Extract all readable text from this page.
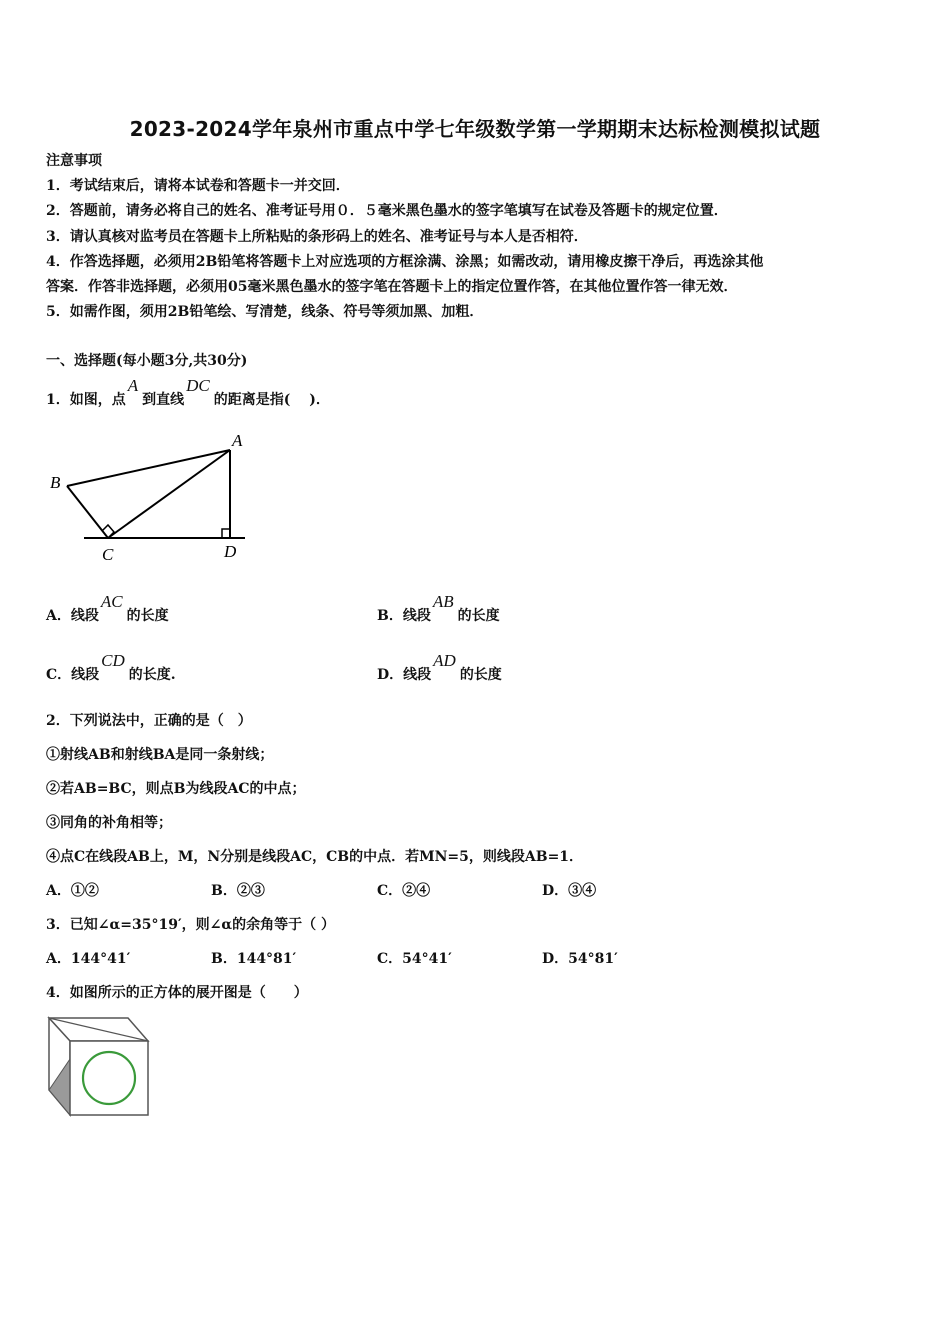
2023-2024学年泉州市重点中学七年级数学第一学期期末达标检测模拟试题
注意事项
1．考试结束后，请将本试卷和答题卡一并交回．
2．答题前，请务必将自己的姓名、准考证号用０．５毫米黑色墨水的签字笔填写在试卷及答题卡的规定位置．
3．请认真核对监考员在答题卡上所粘贴的条形码上的姓名、准考证号与本人是否相符．
4．作答选择题，必须用2B铅笔将答题卡上对应选项的方框涂满、涂黑；如需改动，请用橡皮擦干净后，再选涂其他
答案．作答非选择题，必须用05毫米黑色墨水的签字笔在答题卡上的指定位置作答，在其他位置作答一律无效．
5．如需作图，须用2B铅笔绘、写清楚，线条、符号等须加黑、加粗．
一、选择题(每小题3分,共30分)
1．如图，点A到直线DC的距离是指(　 )．
A
B
C	D
A．线段AC的长度	B．线段AB的长度
C．线段CD的长度.	D．线段AD的长度
2．下列说法中，正确的是（　）
①射线AB和射线BA是同一条射线；
②若AB=BC，则点B为线段AC的中点；
③同角的补角相等；
④点C在线段AB上，M，N分别是线段AC，CB的中点．若MN=5，则线段AB=1．
A．①②	B．②③	C．②④	D．③④
3．已知∠α=35°19′，则∠α的余角等于（ ）
A．144°41′	B．144°81′	C．54°41′	D．54°81′
4．如图所示的正方体的展开图是（　　）
